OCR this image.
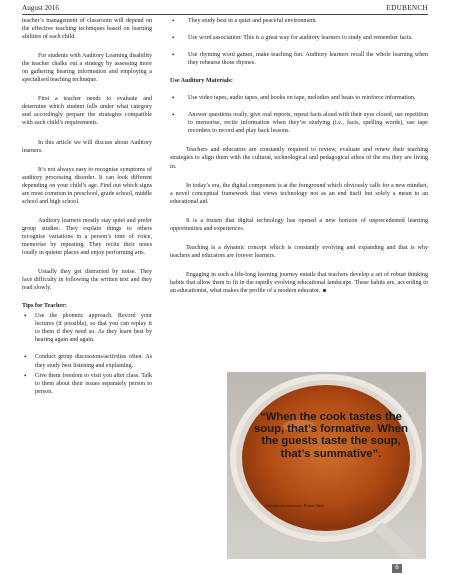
August 2016	EDUBENCH

teacher’s management of classroom will depend on the effective teaching techniques based on learning abilities of each child.

For students with Auditory Learning disability the teacher chalks out a strategy by assessing more on gathering hearing information and employing a specialised teaching technique.

First a teacher needs to evaluate and determine which student falls under what category and accordingly prepare the strategies compatible with each child’s requirements.

In this article we will discuss about Auditory learners.

It’s not always easy to recognise symptoms of auditory processing disorder. It can look different depending on your child’s age. Find out which signs are most common in preschool, grade school, middle school and high school.

Auditory learners mostly stay quiet and prefer group studies. They explain things to others recognise variations in a person’s tone of voice, memorise by repeating. They recite their notes loudly in quieter places and enjoy performing arts.

Usually they get distracted by noise. They face difficulty in following the written text and they read slowly.

Tips for Teacher:
• Use the phonetic approach. Record your lectures (if possible), so that you can replay it to them if they need so. As they learn best by hearing again and again.
• Conduct group discussions/activities often. As they study best listening and explaining.
• Give them freedom to visit you after class. Talk to them about their issues separately person to person.
• They study best in a quiet and peaceful environment.
• Use word association: This is a great way for auditory learners to study and remember facts.
• Use rhyming word games, make teaching fun. Auditory learners recall the whole learning when they rehearse those rhymes.
Use Auditory Materials:
• Use video tapes, audio tapes, and books on tape, melodies and beats to reinforce information.
• Answer questions orally, give oral reports, repeat facts aloud with their eyes closed, use repetition to memorise, recite information when they’re studying (i.e., facts, spelling words), use tape recorders to record and play back lessons.

Teachers and educators are constantly required to review, evaluate and renew their teaching strategies to align them with the cultural, technological and pedagogical ethos of the era they are living in.

In today’s era, the digital component is at the foreground which obviously calls for a new mindset, a novel conceptual framework that views technology not as an end itself but solely a mean to an educational aid.

It is a truism that digital technology has opened a new horizon of unprecedented learning opportunities and experiences.

Teaching is a dynamic concept which is constantly evolving and expanding and that is why teachers and educators are forever learners.

Engaging in such a life-long learning journey entails that teachers develop a set of robust thinking habits that allow them to fit in the rapidly evolving educational landscape. These habits are, according to an educationist, what makes the profile of a modern educator.

“When the cook tastes the soup, that’s formative. When the guests taste the soup, that’s summative”.
- Educational researcher, Robert Stake
6
